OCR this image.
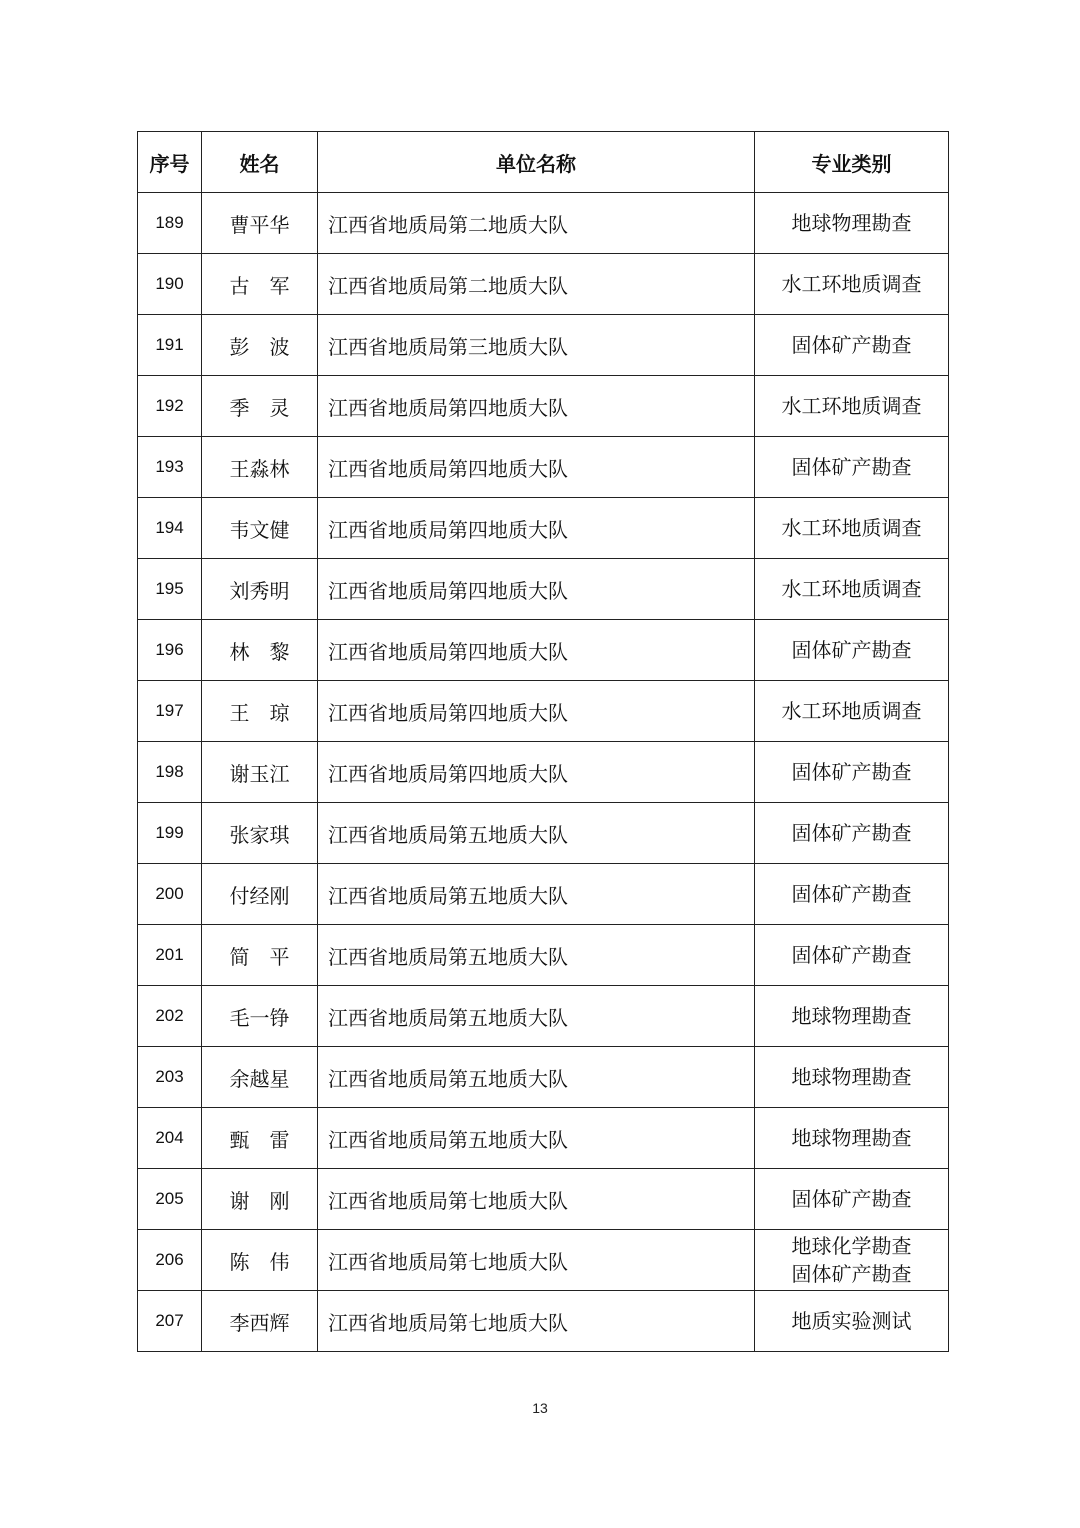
序号	姓名	单位名称	专业类别
189	曹平华	江西省地质局第二地质大队	地球物理勘查

190	古　军	江西省地质局第二地质大队	水工环地质调查

191	彭　波	江西省地质局第三地质大队	固体矿产勘查

192	季　灵	江西省地质局第四地质大队	水工环地质调查

193	王淼林	江西省地质局第四地质大队	固体矿产勘查

194	韦文健	江西省地质局第四地质大队	水工环地质调查

195	刘秀明	江西省地质局第四地质大队	水工环地质调查

196	林　黎	江西省地质局第四地质大队	固体矿产勘查

197	王　琼	江西省地质局第四地质大队	水工环地质调查

198	谢玉江	江西省地质局第四地质大队	固体矿产勘查

199	张家琪	江西省地质局第五地质大队	固体矿产勘查

200	付经刚	江西省地质局第五地质大队	固体矿产勘查

201	简　平	江西省地质局第五地质大队	固体矿产勘查

202	毛一铮	江西省地质局第五地质大队	地球物理勘查

203	余越星	江西省地质局第五地质大队	地球物理勘查

204	甄　雷	江西省地质局第五地质大队	地球物理勘查

205	谢　刚	江西省地质局第七地质大队	固体矿产勘查

206	陈　伟	江西省地质局第七地质大队	地球化学勘查
固体矿产勘查

207	李西辉	江西省地质局第七地质大队	地质实验测试
13
